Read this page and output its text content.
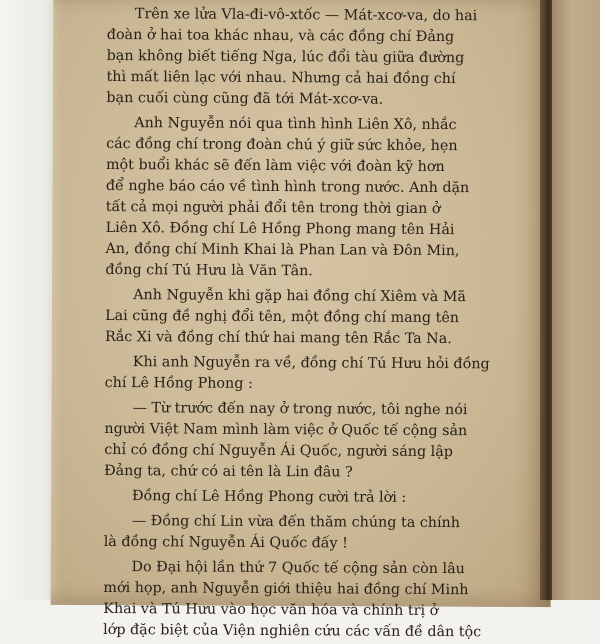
Trên xe lửa Vla-đi-vô-xtốc — Mát-xcơ-va, do hai
đoàn ở hai toa khác nhau, và các đồng chí Đảng
bạn không biết tiếng Nga, lúc đổi tàu giữa đường
thì mất liên lạc với nhau. Nhưng cả hai đồng chí
bạn cuối cùng cũng đã tới Mát-xcơ-va.
Anh Nguyễn nói qua tình hình Liên Xô, nhắc
các đồng chí trong đoàn chú ý giữ sức khỏe, hẹn
một buổi khác sẽ đến làm việc với đoàn kỹ hơn
để nghe báo cáo về tình hình trong nước. Anh dặn
tất cả mọi người phải đổi tên trong thời gian ở
Liên Xô. Đồng chí Lê Hồng Phong mang tên Hải
An, đồng chí Minh Khai là Phan Lan và Đôn Min,
đồng chí Tú Hưu là Văn Tân.
Anh Nguyễn khi gặp hai đồng chí Xiêm và Mã
Lai cũng đề nghị đổi tên, một đồng chí mang tên
Rắc Xi và đồng chí thứ hai mang tên Rắc Ta Na.
Khi anh Nguyễn ra về, đồng chí Tú Hưu hỏi đồng
chí Lê Hồng Phong :
— Từ trước đến nay ở trong nước, tôi nghe nói
người Việt Nam mình làm việc ở Quốc tế cộng sản
chỉ có đồng chí Nguyễn Ái Quốc, người sáng lập
Đảng ta, chứ có ai tên là Lin đâu ?
Đồng chí Lê Hồng Phong cười trả lời :
— Đồng chí Lin vừa đến thăm chúng ta chính
là đồng chí Nguyễn Ái Quốc đấy !
Do Đại hội lần thứ 7 Quốc tế cộng sản còn lâu
mới họp, anh Nguyễn giới thiệu hai đồng chí Minh
Khai và Tú Hưu vào học văn hóa và chính trị ở
lớp đặc biệt của Viện nghiên cứu các vấn đề dân tộc
